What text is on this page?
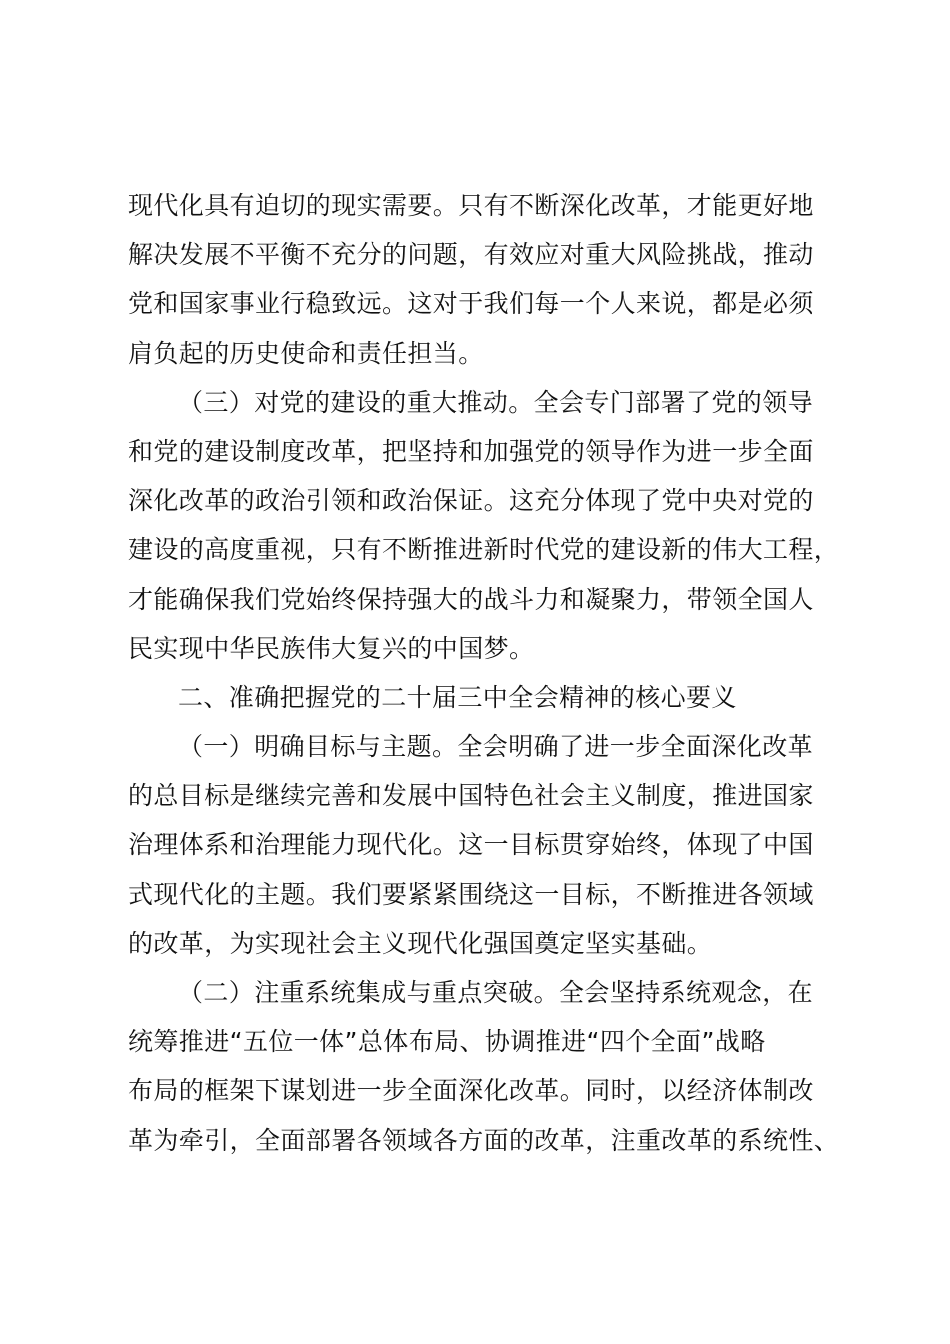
现代化具有迫切的现实需要。只有不断深化改革，才能更好地
解决发展不平衡不充分的问题，有效应对重大风险挑战，推动
党和国家事业行稳致远。这对于我们每一个人来说，都是必须
肩负起的历史使命和责任担当。
（三）对党的建设的重大推动。全会专门部署了党的领导
和党的建设制度改革，把坚持和加强党的领导作为进一步全面
深化改革的政治引领和政治保证。这充分体现了党中央对党的
建设的高度重视，只有不断推进新时代党的建设新的伟大工程，
才能确保我们党始终保持强大的战斗力和凝聚力，带领全国人
民实现中华民族伟大复兴的中国梦。
二、准确把握党的二十届三中全会精神的核心要义
（一）明确目标与主题。全会明确了进一步全面深化改革
的总目标是继续完善和发展中国特色社会主义制度，推进国家
治理体系和治理能力现代化。这一目标贯穿始终，体现了中国
式现代化的主题。我们要紧紧围绕这一目标，不断推进各领域
的改革，为实现社会主义现代化强国奠定坚实基础。
（二）注重系统集成与重点突破。全会坚持系统观念，在
统筹推进“五位一体”总体布局、协调推进“四个全面”战略
布局的框架下谋划进一步全面深化改革。同时，以经济体制改
革为牵引，全面部署各领域各方面的改革，注重改革的系统性、
